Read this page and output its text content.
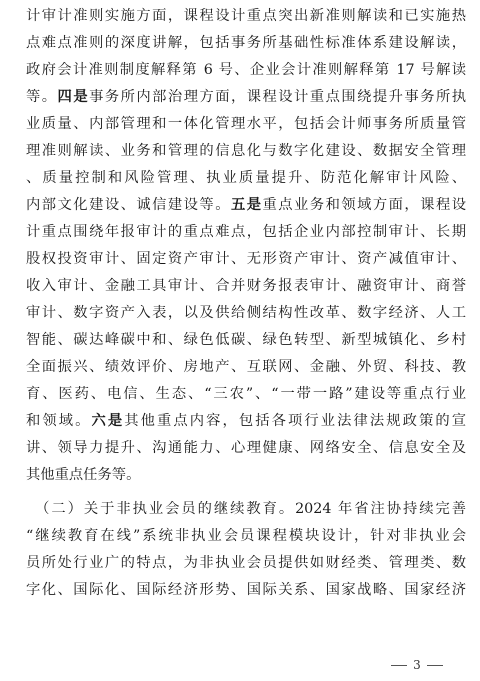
计审计准则实施方面，课程设计重点突出新准则解读和已实施热
点难点准则的深度讲解，包括事务所基础性标准体系建设解读，
政府会计准则制度解释第 6 号、企业会计准则解释第 17 号解读
等。四是事务所内部治理方面，课程设计重点围绕提升事务所执
业质量、内部管理和一体化管理水平，包括会计师事务所质量管
理准则解读、业务和管理的信息化与数字化建设、数据安全管理
、质量控制和风险管理、执业质量提升、防范化解审计风险、
内部文化建设、诚信建设等。五是重点业务和领域方面，课程设
计重点围绕年报审计的重点难点，包括企业内部控制审计、长期
股权投资审计、固定资产审计、无形资产审计、资产减值审计、
收入审计、金融工具审计、合并财务报表审计、融资审计、商誉
审计、数字资产入表，以及供给侧结构性改革、数字经济、人工
智能、碳达峰碳中和、绿色低碳、绿色转型、新型城镇化、乡村
全面振兴、绩效评价、房地产、互联网、金融、外贸、科技、教
育、医药、电信、生态、“三农”、“一带一路”建设等重点行业
和领域。六是其他重点内容，包括各项行业法律法规政策的宣
讲、领导力提升、沟通能力、心理健康、网络安全、信息安全及
其他重点任务等。
　（二）关于非执业会员的继续教育。2024 年省注协持续完善
“继续教育在线”系统非执业会员课程模块设计，针对非执业会
员所处行业广的特点，为非执业会员提供如财经类、管理类、数
字化、国际化、国际经济形势、国际关系、国家战略、国家经济
3
